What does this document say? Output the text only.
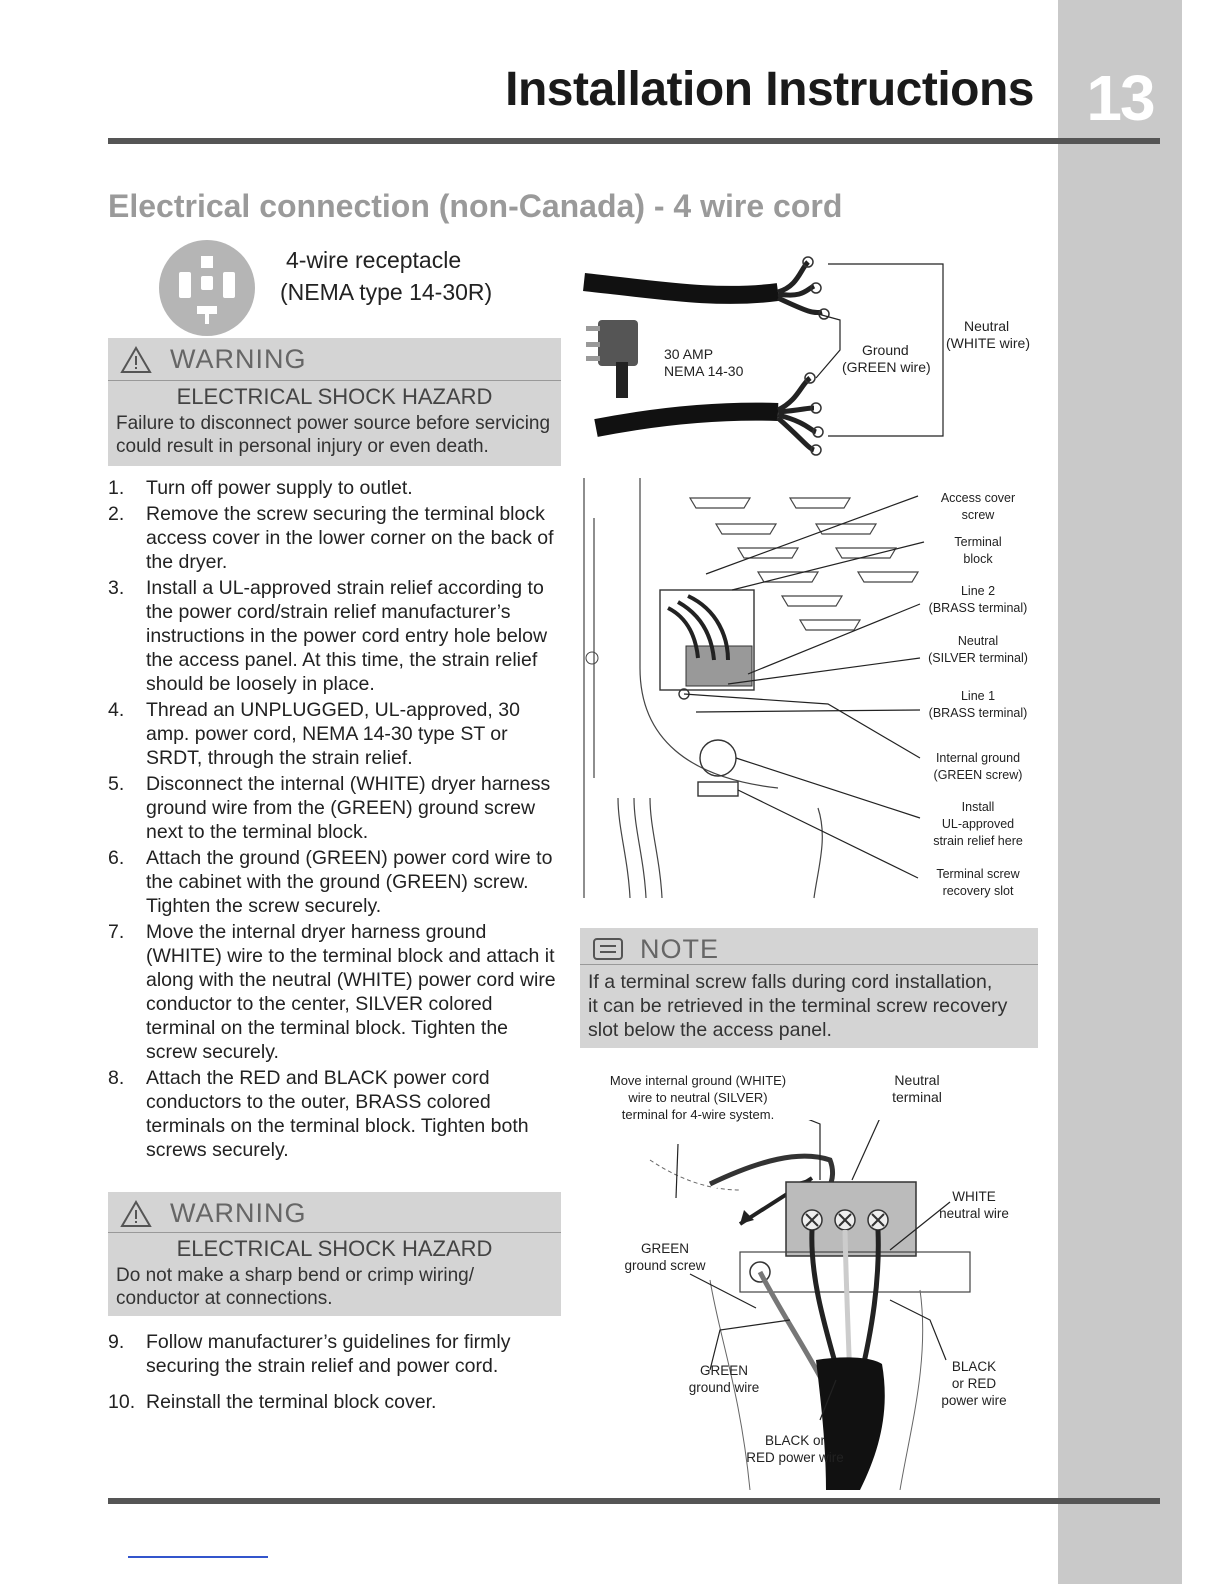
13
Installation Instructions
Electrical connection (non-Canada) - 4 wire cord
4-wire receptacle
(NEMA type 14-30R)
WARNING
ELECTRICAL SHOCK HAZARD
Failure to disconnect power source before servicing
could result in personal injury or even death.
1.	Turn off power supply to outlet.
2.	Remove the screw securing the terminal block access cover in the lower corner on the back of the dryer.
3.	Install a UL-approved strain relief according to the power cord/strain relief manufacturer’s instructions in the power cord entry hole below the access panel. At this time, the strain relief should be loosely in place.
4.	Thread an UNPLUGGED, UL-approved, 30 amp. power cord, NEMA 14-30 type ST or SRDT, through the strain relief.
5.	Disconnect the internal (WHITE) dryer harness ground wire from the (GREEN) ground screw next to the terminal block.
6.	Attach the ground (GREEN) power cord wire to the cabinet with the ground (GREEN) screw. Tighten the screw securely.
7.	Move the internal dryer harness ground (WHITE) wire to the terminal block and attach it along with the neutral (WHITE) power cord wire conductor to the center, SILVER colored terminal on the terminal block. Tighten the screw securely.
8.	Attach the RED and BLACK power cord conductors to the outer, BRASS colored terminals on the terminal block. Tighten both screws securely.
WARNING
ELECTRICAL SHOCK HAZARD
Do not make a sharp bend or crimp wiring/
conductor at connections.
9.	Follow manufacturer’s guidelines for firmly securing the strain relief and power cord.
10. Reinstall the terminal block cover.
30 AMP
NEMA 14-30
Ground
(GREEN wire)
Neutral
(WHITE wire)
Access cover
screw
Terminal
block
Line 2
(BRASS terminal)
Neutral
(SILVER terminal)
Line 1
(BRASS terminal)
Internal ground
(GREEN screw)
Install
UL-approved
strain relief here
Terminal screw
recovery slot
NOTE
If a terminal screw falls during cord installation,
it can be retrieved in the terminal screw recovery
slot below the access panel.
Move internal ground (WHITE)
wire to neutral (SILVER)
terminal for 4-wire system.
Neutral
terminal
WHITE
neutral wire
GREEN
ground screw
GREEN
ground wire
BLACK
or RED
power wire
BLACK or
RED power wire
